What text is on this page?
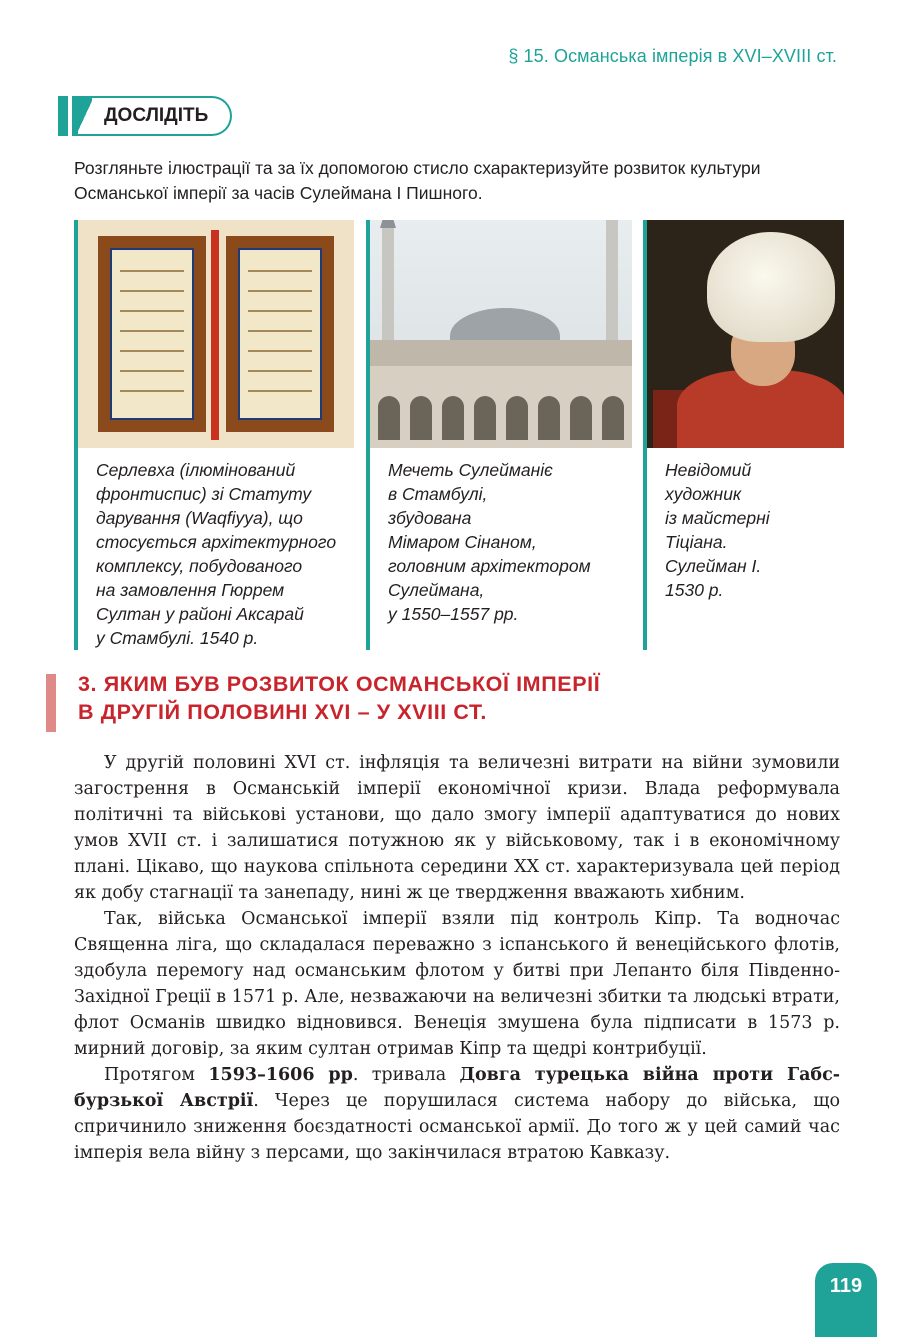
§ 15. Османська імперія в XVI–XVIII ст.
ДОСЛІДІТЬ
Розгляньте ілюстрації та за їх допомогою стисло схарактеризуйте розвиток культури Османської імперії за часів Сулеймана I Пишного.
Серлевха (ілюмінований
фронтиспис) зі Статуту
дарування (Waqfiyya), що
стосується архітектурного
комплексу, побудованого
на замовлення Гюррем
Султан у районі Аксарай
у Стамбулі. 1540 р.
Мечеть Сулейманіє
в Стамбулі,
збудована
Мімаром Сінаном,
головним архітектором
Сулеймана,
у 1550–1557 рр.
Невідомий
художник
із майстерні
Тіціана.
Сулейман I.
1530 р.
3. ЯКИМ БУВ РОЗВИТОК ОСМАНСЬКОЇ ІМПЕРІЇ
В ДРУГІЙ ПОЛОВИНІ XVI – У XVIII СТ.

У другій половині XVI ст. інфляція та величезні витрати на війни зумовили загострення в Османській імперії економічної кризи. Влада реформувала політичні та військові установи, що дало змогу імперії адаптуватися до нових умов XVII ст. і залишатися потужною як у військовому, так і в економічному плані. Цікаво, що наукова спільнота середини XX ст. характеризувала цей період як добу стагнації та занепаду, нині ж це твердження вважають хибним.

Так, війська Османської імперії взяли під контроль Кіпр. Та водночас Священна ліга, що складалася переважно з іспанського й венеційського флотів, здобула перемогу над османським флотом у битві при Лепанто біля Південно-Західної Греції в 1571 р. Але, незважаючи на величезні збитки та людські втрати, флот Османів швидко відновився. Венеція змушена була підписати в 1573 р. мирний договір, за яким султан отримав Кіпр та щедрі контрибуції.

Протягом 1593–1606 рр. тривала Довга турецька війна проти Габсбурзької Австрії. Через це порушилася система набору до війська, що спричинило зниження боєздатності османської армії. До того ж у цей самий час імперія вела війну з персами, що закінчилася втратою Кавказу.

119
